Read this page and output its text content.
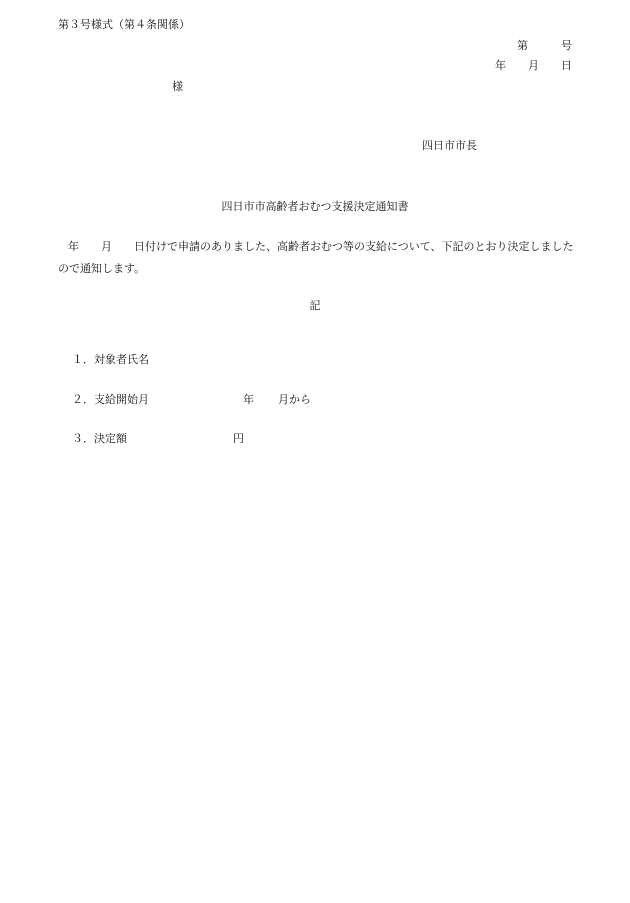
第３号様式（第４条関係）
第　　　号
年　　月　　日
様
四日市市長
四日市市高齢者おむつ支援決定通知書
年　　月　　日付けで申請のありました、高齢者おむつ等の支給について、下記のとおり決定しましたので通知します。
記

１．対象者氏名

２．支給開始月	年 月から

３．決定額	円
